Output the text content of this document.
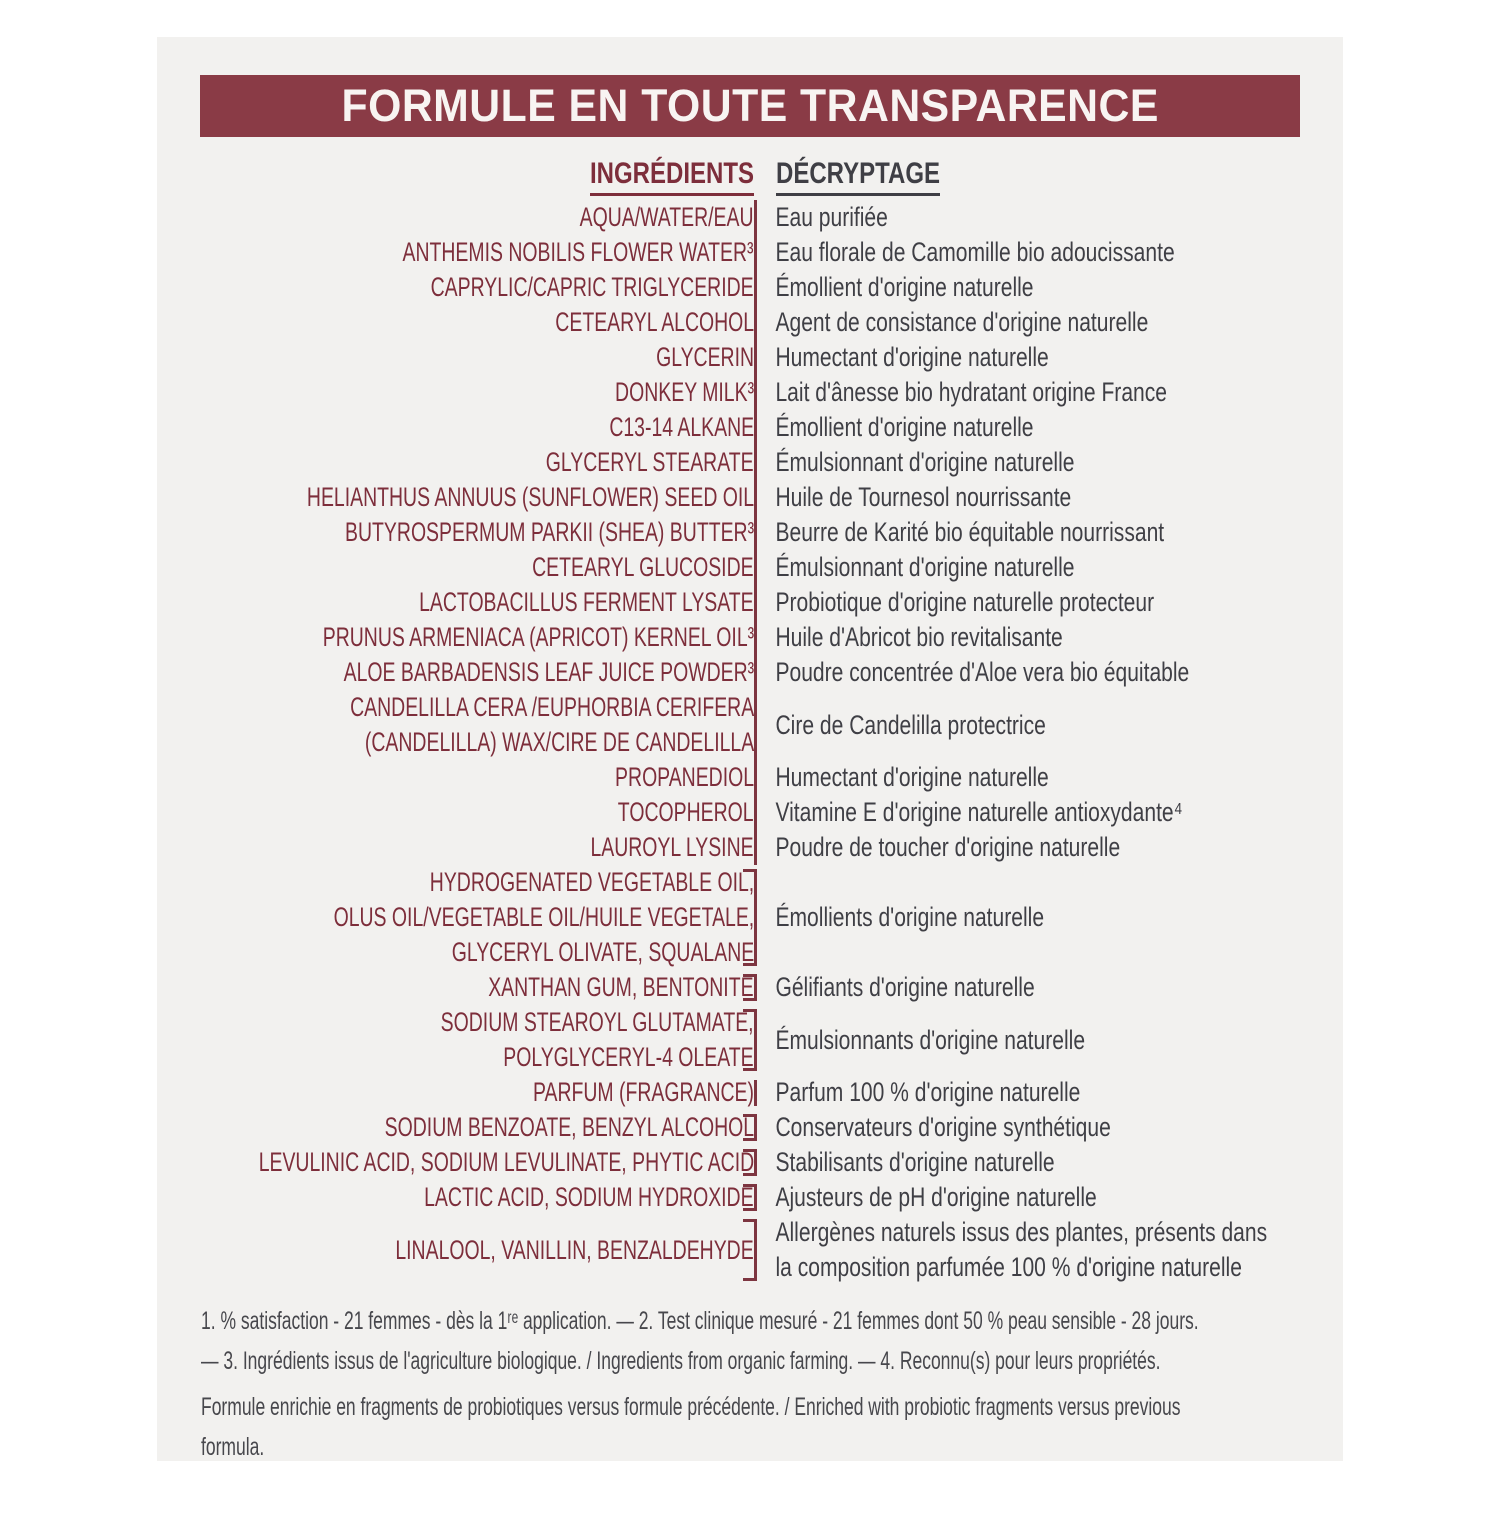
FORMULE EN TOUTE TRANSPARENCE
INGRÉDIENTS DÉCRYPTAGE
AQUA/WATER/EAU Eau purifiée
ANTHEMIS NOBILIS FLOWER WATER³ Eau florale de Camomille bio adoucissante
CAPRYLIC/CAPRIC TRIGLYCERIDE Émollient d'origine naturelle
CETEARYL ALCOHOL Agent de consistance d'origine naturelle
GLYCERIN Humectant d'origine naturelle
DONKEY MILK³ Lait d'ânesse bio hydratant origine France
C13-14 ALKANE Émollient d'origine naturelle
GLYCERYL STEARATE Émulsionnant d'origine naturelle
HELIANTHUS ANNUUS (SUNFLOWER) SEED OIL Huile de Tournesol nourrissante
BUTYROSPERMUM PARKII (SHEA) BUTTER³ Beurre de Karité bio équitable nourrissant
CETEARYL GLUCOSIDE Émulsionnant d'origine naturelle
LACTOBACILLUS FERMENT LYSATE Probiotique d'origine naturelle protecteur
PRUNUS ARMENIACA (APRICOT) KERNEL OIL³ Huile d'Abricot bio revitalisante
ALOE BARBADENSIS LEAF JUICE POWDER³ Poudre concentrée d'Aloe vera bio équitable
CANDELILLA CERA /EUPHORBIA CERIFERA
(CANDELILLA) WAX/CIRE DE CANDELILLA
Cire de Candelilla protectrice
PROPANEDIOL Humectant d'origine naturelle
TOCOPHEROL Vitamine E d'origine naturelle antioxydante⁴
LAUROYL LYSINE Poudre de toucher d'origine naturelle
HYDROGENATED VEGETABLE OIL,
OLUS OIL/VEGETABLE OIL/HUILE VEGETALE,
GLYCERYL OLIVATE, SQUALANE
Émollients d'origine naturelle
XANTHAN GUM, BENTONITE Gélifiants d'origine naturelle
SODIUM STEAROYL GLUTAMATE,
POLYGLYCERYL-4 OLEATE
Émulsionnants d'origine naturelle
PARFUM (FRAGRANCE) Parfum 100 % d'origine naturelle
SODIUM BENZOATE, BENZYL ALCOHOL Conservateurs d'origine synthétique
LEVULINIC ACID, SODIUM LEVULINATE, PHYTIC ACID Stabilisants d'origine naturelle
LACTIC ACID, SODIUM HYDROXIDE Ajusteurs de pH d'origine naturelle
LINALOOL, VANILLIN, BENZALDEHYDE
Allergènes naturels issus des plantes, présents dans
la composition parfumée 100 % d'origine naturelle
1. % satisfaction - 21 femmes - dès la 1ʳᵉ application. — 2. Test clinique mesuré - 21 femmes dont 50 % peau sensible - 28 jours.
— 3. Ingrédients issus de l'agriculture biologique. / Ingredients from organic farming. — 4. Reconnu(s) pour leurs propriétés.
Formule enrichie en fragments de probiotiques versus formule précédente. / Enriched with probiotic fragments versus previous
formula.
